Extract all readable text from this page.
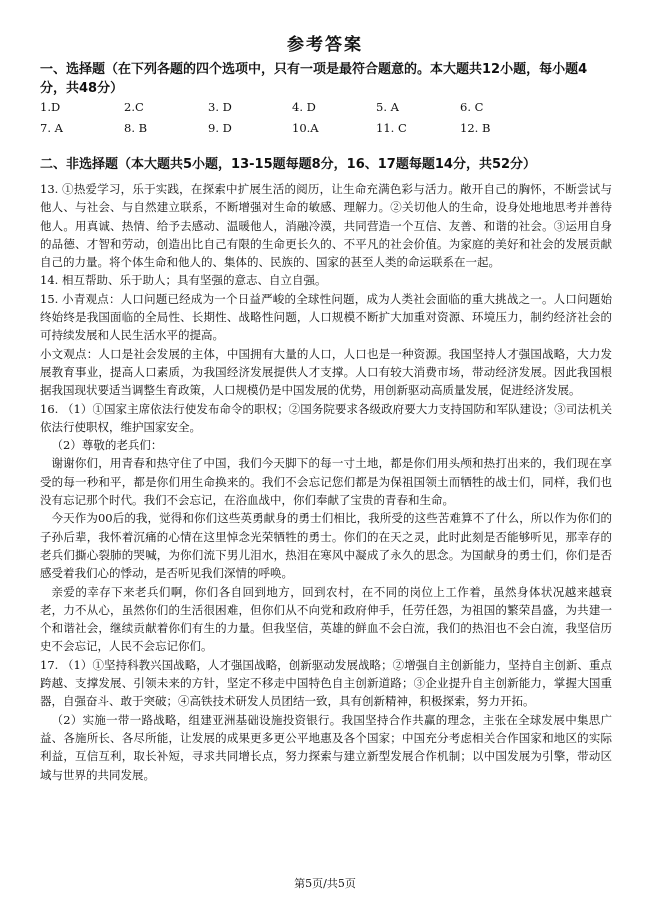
参考答案
一、选择题（在下列各题的四个选项中，只有一项是最符合题意的。本大题共12小题，每小题4分，共48分）
1.D	2.C	3. D	4. D	5. A	6. C
7. A	8. B	9. D	10.A	11. C	12. B
二、非选择题（本大题共5小题，13-15题每题8分，16、17题每题14分，共52分）

13. ①热爱学习，乐于实践，在探索中扩展生活的阅历，让生命充满色彩与活力。敞开自己的胸怀，不断尝试与他人、与社会、与自然建立联系，不断增强对生命的敏感、理解力。②关切他人的生命，设身处地地思考并善待他人。用真诚、热情、给予去感动、温暖他人，消融冷漠，共同营造一个互信、友善、和谐的社会。③运用自身的品德、才智和劳动，创造出比自己有限的生命更长久的、不平凡的社会价值。为家庭的美好和社会的发展贡献自己的力量。将个体生命和他人的、集体的、民族的、国家的甚至人类的命运联系在一起。

14. 相互帮助、乐于助人；具有坚强的意志、自立自强。

15. 小青观点：人口问题已经成为一个日益严峻的全球性问题，成为人类社会面临的重大挑战之一。人口问题始终始终是我国面临的全局性、长期性、战略性问题，人口规模不断扩大加重对资源、环境压力，制约经济社会的可持续发展和人民生活水平的提高。

小文观点：人口是社会发展的主体，中国拥有大量的人口，人口也是一种资源。我国坚持人才强国战略，大力发展教育事业，提高人口素质，为我国经济发展提供人才支撑。人口有较大消费市场，带动经济发展。因此我国根据我国现状要适当调整生育政策，人口规模仍是中国发展的优势，用创新驱动高质量发展，促进经济发展。

16. （1）①国家主席依法行使发布命令的职权；②国务院要求各级政府要大力支持国防和军队建设；③司法机关依法行使职权，维护国家安全。

（2）尊敬的老兵们：

谢谢你们，用青春和热守住了中国，我们今天脚下的每一寸土地，都是你们用头颅和热打出来的，我们现在享受的每一秒和平，都是你们用生命换来的。我们不会忘记您们都是为保祖国领土而牺牲的战士们，同样，我们也没有忘记那个时代。我们不会忘记，在浴血战中，你们奉献了宝贵的青春和生命。

今天作为00后的我，觉得和你们这些英勇献身的勇士们相比，我所受的这些苦难算不了什么，所以作为你们的子孙后辈，我怀着沉痛的心情在这里悼念光荣牺牲的勇士。你们的在天之灵，此时此刻是否能够听见，那幸存的老兵们撕心裂肺的哭喊，为你们流下男儿泪水，热泪在寒风中凝成了永久的思念。为国献身的勇士们，你们是否感受着我们心的悸动，是否听见我们深情的呼唤。

亲爱的幸存下来老兵们啊，你们各自回到地方，回到农村，在不同的岗位上工作着，虽然身体状况越来越衰老，力不从心，虽然你们的生活很困难，但你们从不向党和政府伸手，任劳任怨，为祖国的繁荣昌盛，为共建一个和谐社会，继续贡献着你们有生的力量。但我坚信，英雄的鲜血不会白流，我们的热泪也不会白流，我坚信历史不会忘记，人民不会忘记你们。

17. （1）①坚持科教兴国战略，人才强国战略，创新驱动发展战略；②增强自主创新能力，坚持自主创新、重点跨越、支撑发展、引领未来的方针，坚定不移走中国特色自主创新道路；③企业提升自主创新能力，掌握大国重器，自强奋斗、敢于突破；④高铁技术研发人员团结一致，具有创新精神，积极探索，努力开拓。

（2）实施一带一路战略，组建亚洲基础设施投资银行。我国坚持合作共赢的理念，主张在全球发展中集思广益、各施所长、各尽所能，让发展的成果更多更公平地惠及各个国家；中国充分考虑相关合作国家和地区的实际利益，互信互利，取长补短，寻求共同增长点，努力探索与建立新型发展合作机制；以中国发展为引擎，带动区域与世界的共同发展。

第5页/共5页
